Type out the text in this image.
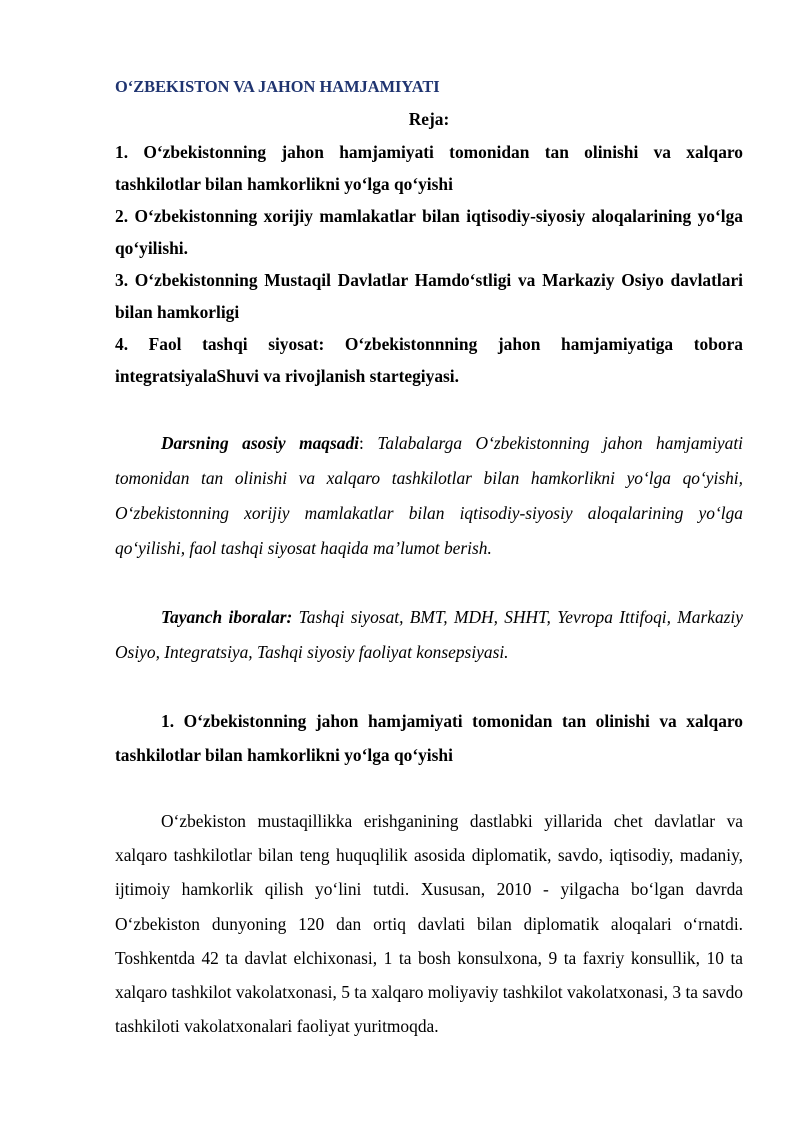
O‘ZBEKISTON VA JAHON HAMJAMIYATI
Reja:

1. O‘zbekistonning jahon hamjamiyati tomonidan tan olinishi va xalqaro tashkilotlar bilan hamkorlikni yo‘lga qo‘yishi

2. O‘zbekistonning xorijiy mamlakatlar bilan iqtisodiy-siyosiy aloqalarining yo‘lga qo‘yilishi.

3. O‘zbekistonning Mustaqil Davlatlar Hamdo‘stligi va Markaziy Osiyo davlatlari bilan hamkorligi

4. Faol tashqi siyosat: O‘zbekistonnning jahon hamjamiyatiga tobora integratsiyalaShuvi va rivojlanish startegiyasi.

Darsning asosiy maqsadi: Talabalarga O‘zbekistonning jahon hamjamiyati tomonidan tan olinishi va xalqaro tashkilotlar bilan hamkorlikni yo‘lga qo‘yishi, O‘zbekistonning xorijiy mamlakatlar bilan iqtisodiy-siyosiy aloqalarining yo‘lga qo‘yilishi, faol tashqi siyosat haqida ma’lumot berish.

Tayanch iboralar: Tashqi siyosat, BMT, MDH, SHHT, Yevropa Ittifoqi, Markaziy Osiyo, Integratsiya, Tashqi siyosiy faoliyat konsepsiyasi.

1. O‘zbekistonning jahon hamjamiyati tomonidan tan olinishi va xalqaro tashkilotlar bilan hamkorlikni yo‘lga qo‘yishi

O‘zbekiston mustaqillikka erishganining dastlabki yillarida chet davlatlar va xalqaro tashkilotlar bilan teng huquqlilik asosida diplomatik, savdo, iqtisodiy, madaniy, ijtimoiy hamkorlik qilish yo‘lini tutdi. Xususan, 2010 - yilgacha bo‘lgan davrda O‘zbekiston dunyoning 120 dan ortiq davlati bilan diplomatik aloqalari o‘rnatdi. Toshkentda 42 ta davlat elchixonasi, 1 ta bosh konsulxona, 9 ta faxriy konsullik, 10 ta xalqaro tashkilot vakolatxonasi, 5 ta xalqaro moliyaviy tashkilot vakolatxonasi, 3 ta savdo tashkiloti vakolatxonalari faoliyat yuritmoqda.
